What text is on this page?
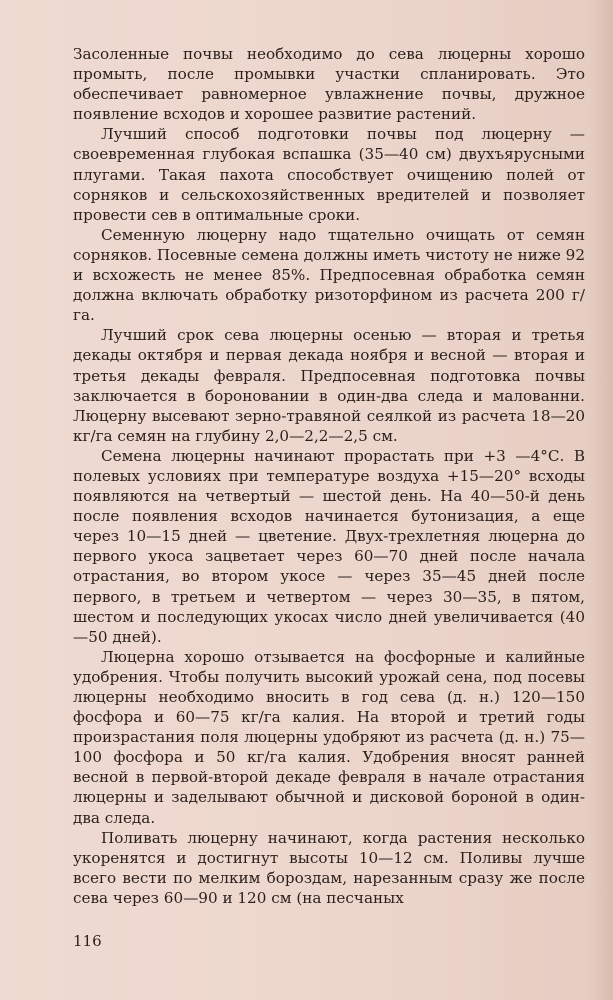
Засоленные почвы необходимо до сева люцерны хорошо промыть, после промывки участки спланировать. Это обеспечивает равномерное увлажнение почвы, дружное появление всходов и хорошее развитие растений.

Лучший способ подготовки почвы под люцерну — своевременная глубокая вспашка (35—40 см) двухъярусными плугами. Такая пахота способствует очищению полей от сорняков и сельскохозяйственных вредителей и позволяет провести сев в оптимальные сроки.

Семенную люцерну надо тщательно очищать от семян сорняков. Посевные семена должны иметь чистоту не ниже 92 и всхожесть не менее 85%. Предпосевная обработка семян должна включать обработку ризоторфином из расчета 200 г/га.

Лучший срок сева люцерны осенью — вторая и третья декады октября и первая декада ноября и весной — вторая и третья декады февраля. Предпосевная подготовка почвы заключается в бороновании в один-два следа и малованни. Люцерну высевают зерно-травяной сеялкой из расчета 18—20 кг/га семян на глубину 2,0—2,2—2,5 см.

Семена люцерны начинают прорастать при +3 —4°С. В полевых условиях при температуре воздуха +15—20° всходы появляются на четвертый — шестой день. На 40—50-й день после появления всходов начинается бутонизация, а еще через 10—15 дней — цветение. Двух-трехлетняя люцерна до первого укоса зацветает через 60—70 дней после начала отрастания, во втором укосе — через 35—45 дней после первого, в третьем и четвертом — через 30—35, в пятом, шестом и последующих укосах число дней увеличивается (40—50 дней).

Люцерна хорошо отзывается на фосфорные и калийные удобрения. Чтобы получить высокий урожай сена, под посевы люцерны необходимо вносить в год сева (д. н.) 120—150 фосфора и 60—75 кг/га калия. На второй и третий годы произрастания поля люцерны удобряют из расчета (д. н.) 75—100 фосфора и 50 кг/га калия. Удобрения вносят ранней весной в первой-второй декаде февраля в начале отрастания люцерны и заделывают обычной и дисковой бороной в один-два следа.

Поливать люцерну начинают, когда растения несколько укоренятся и достигнут высоты 10—12 см. Поливы лучше всего вести по мелким бороздам, нарезанным сразу же после сева через 60—90 и 120 см (на песчаных

116
